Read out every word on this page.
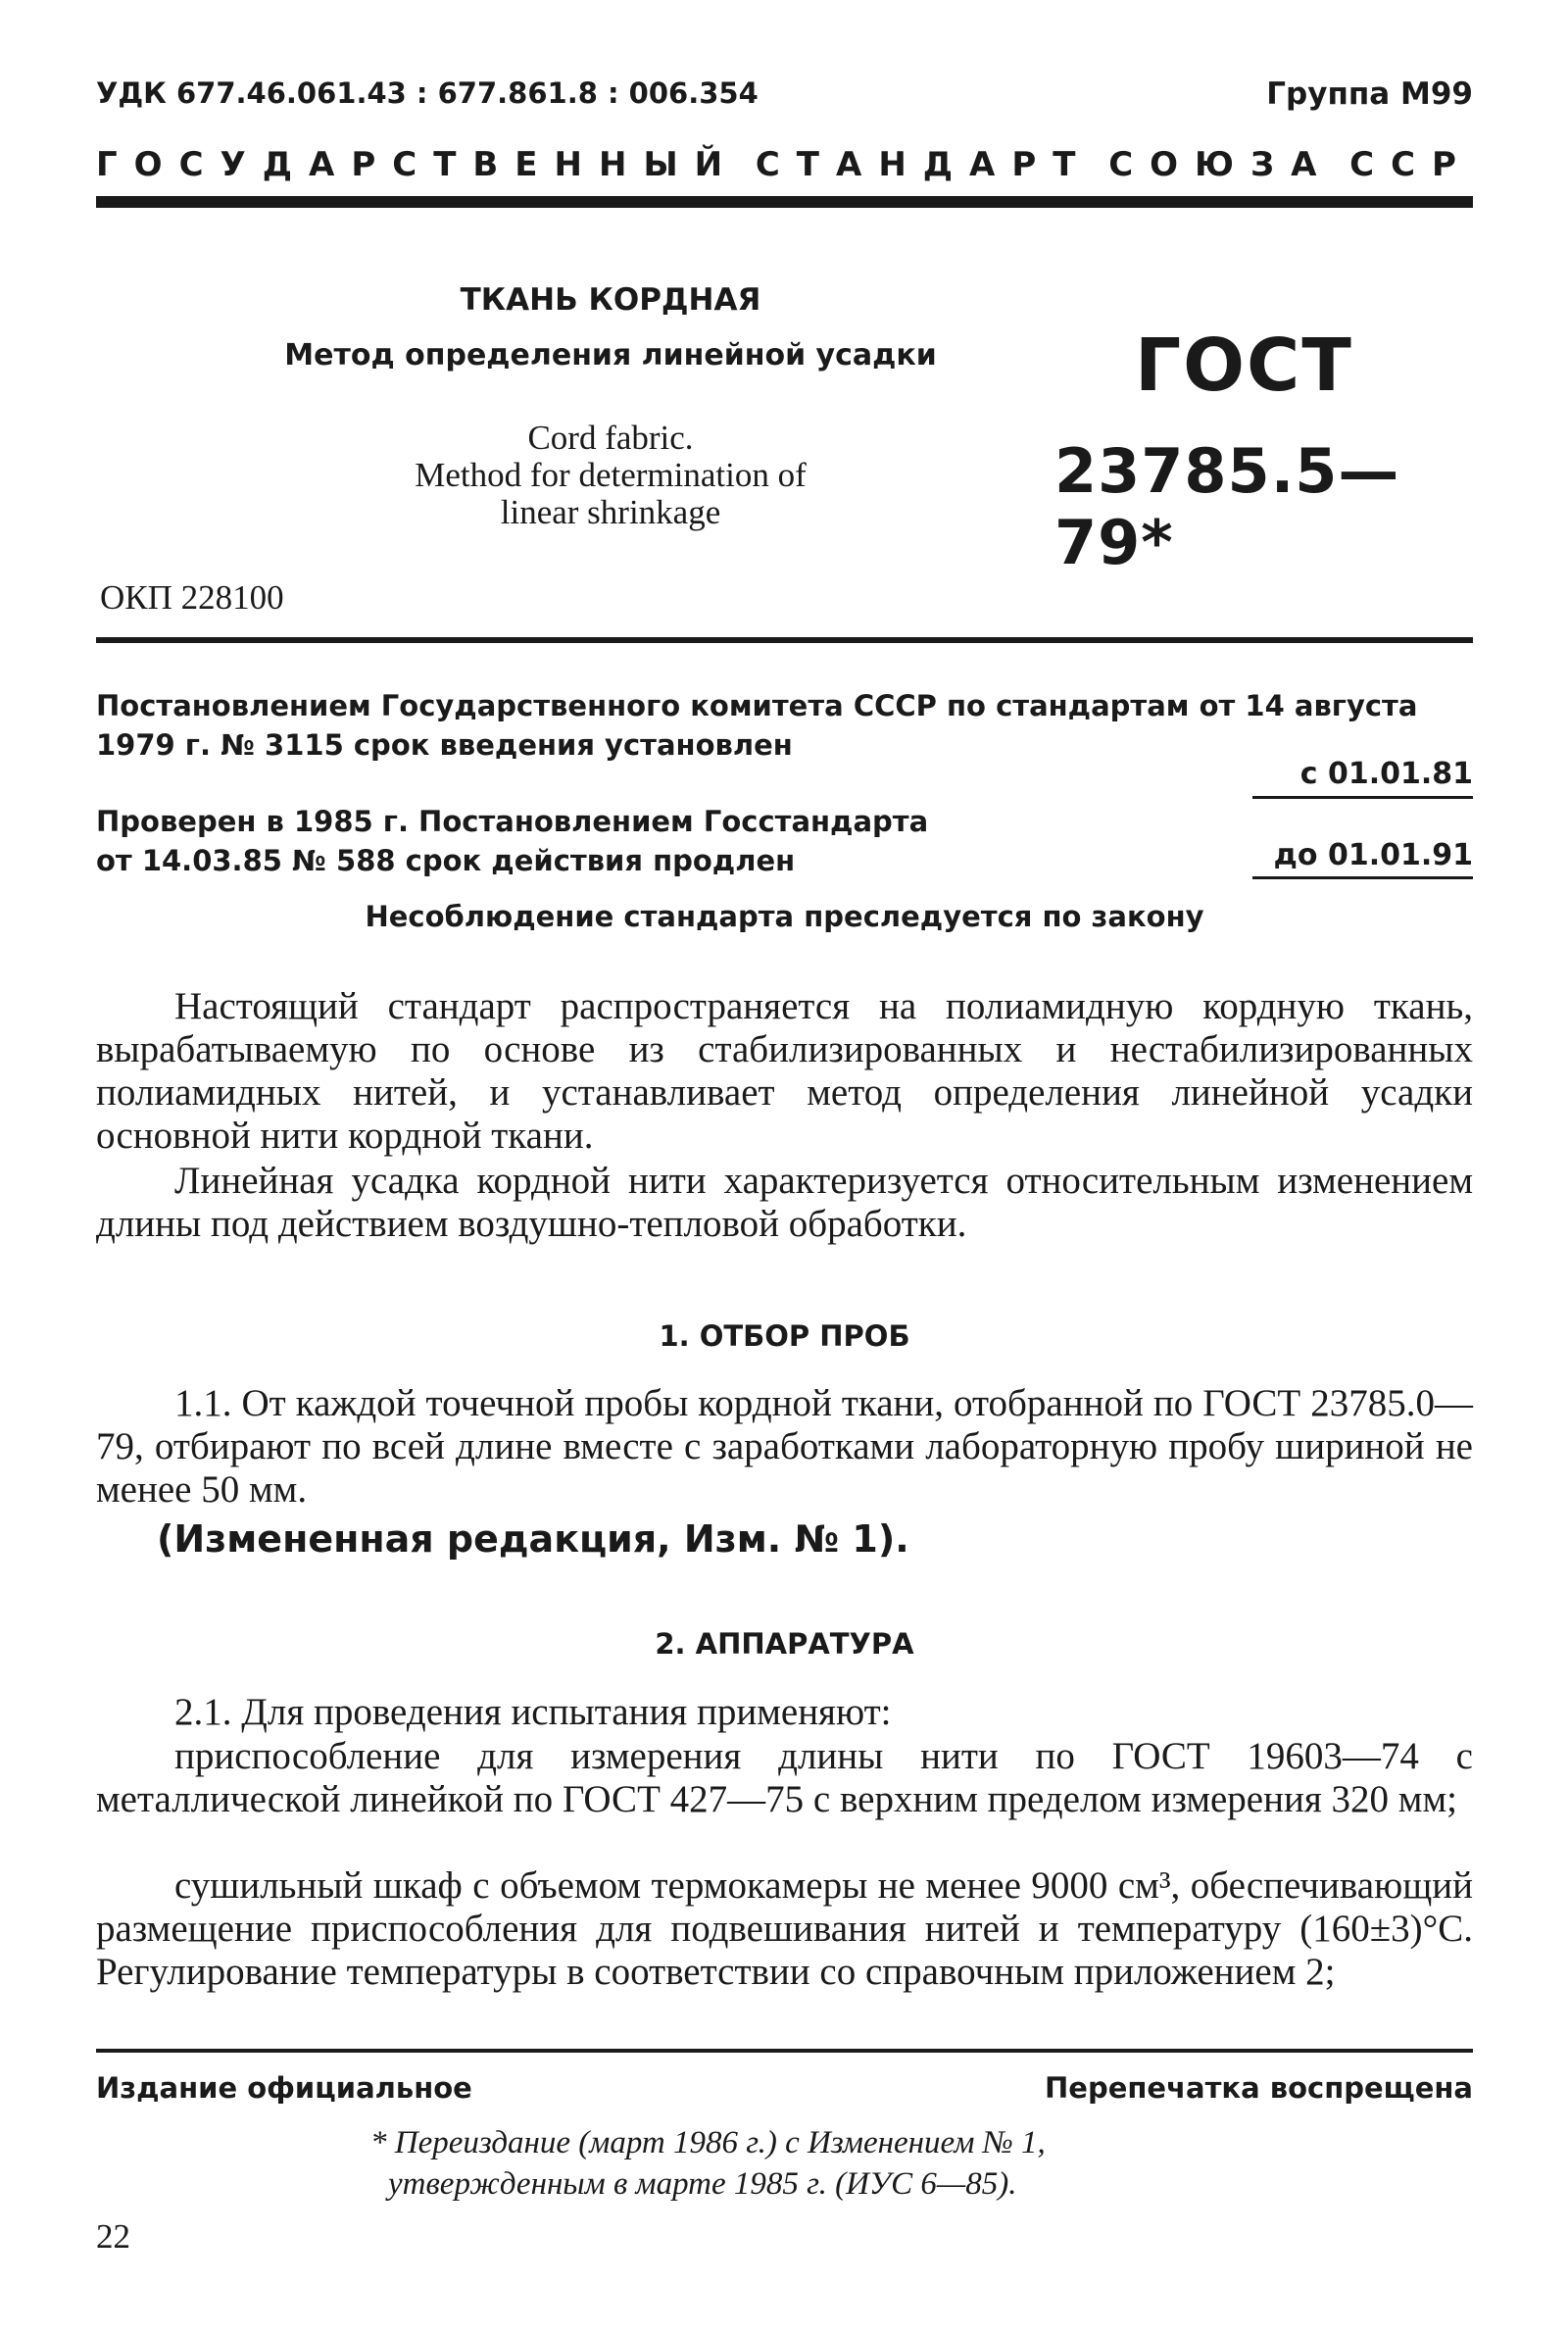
УДК 677.46.061.43 : 677.861.8 : 006.354	Группа М99
ГОСУДАРСТВЕННЫЙ СТАНДАРТ СОЮЗА ССР
ТКАНЬ КОРДНАЯ
Метод определения линейной усадки
Cord fabric.
Method for determination of
linear shrinkage
ГОСТ
23785.5—79*
ОКП 228100
Постановлением Государственного комитета СССР по стандартам от 14 августа
1979 г. № 3115 срок введения установлен
с 01.01.81
Проверен в 1985 г. Постановлением Госстандарта
от 14.03.85 № 588 срок действия продлен	до 01.01.91
Несоблюдение стандарта преследуется по закону
Настоящий стандарт распространяется на полиамидную кордную ткань, вырабатываемую по основе из стабилизированных и нестабилизированных полиамидных нитей, и устанавливает метод определения линейной усадки основной нити кордной ткани.
Линейная усадка кордной нити характеризуется относительным изменением длины под действием воздушно-тепловой обработки.
1. ОТБОР ПРОБ
1.1. От каждой точечной пробы кордной ткани, отобранной по ГОСТ 23785.0—79, отбирают по всей длине вместе с заработками лабораторную пробу шириной не менее 50 мм.
(Измененная редакция, Изм. № 1).
2. АППАРАТУРА
2.1. Для проведения испытания применяют:
приспособление для измерения длины нити по ГОСТ 19603—74 с металлической линейкой по ГОСТ 427—75 с верхним пределом измерения 320 мм;
сушильный шкаф с объемом термокамеры не менее 9000 см³, обеспечивающий размещение приспособления для подвешивания нитей и температуру (160±3)°С. Регулирование температуры в соответствии со справочным приложением 2;
Издание официальное	Перепечатка воспрещена
* Переиздание (март 1986 г.) с Изменением № 1,
утвержденным в марте 1985 г. (ИУС 6—85).
22
